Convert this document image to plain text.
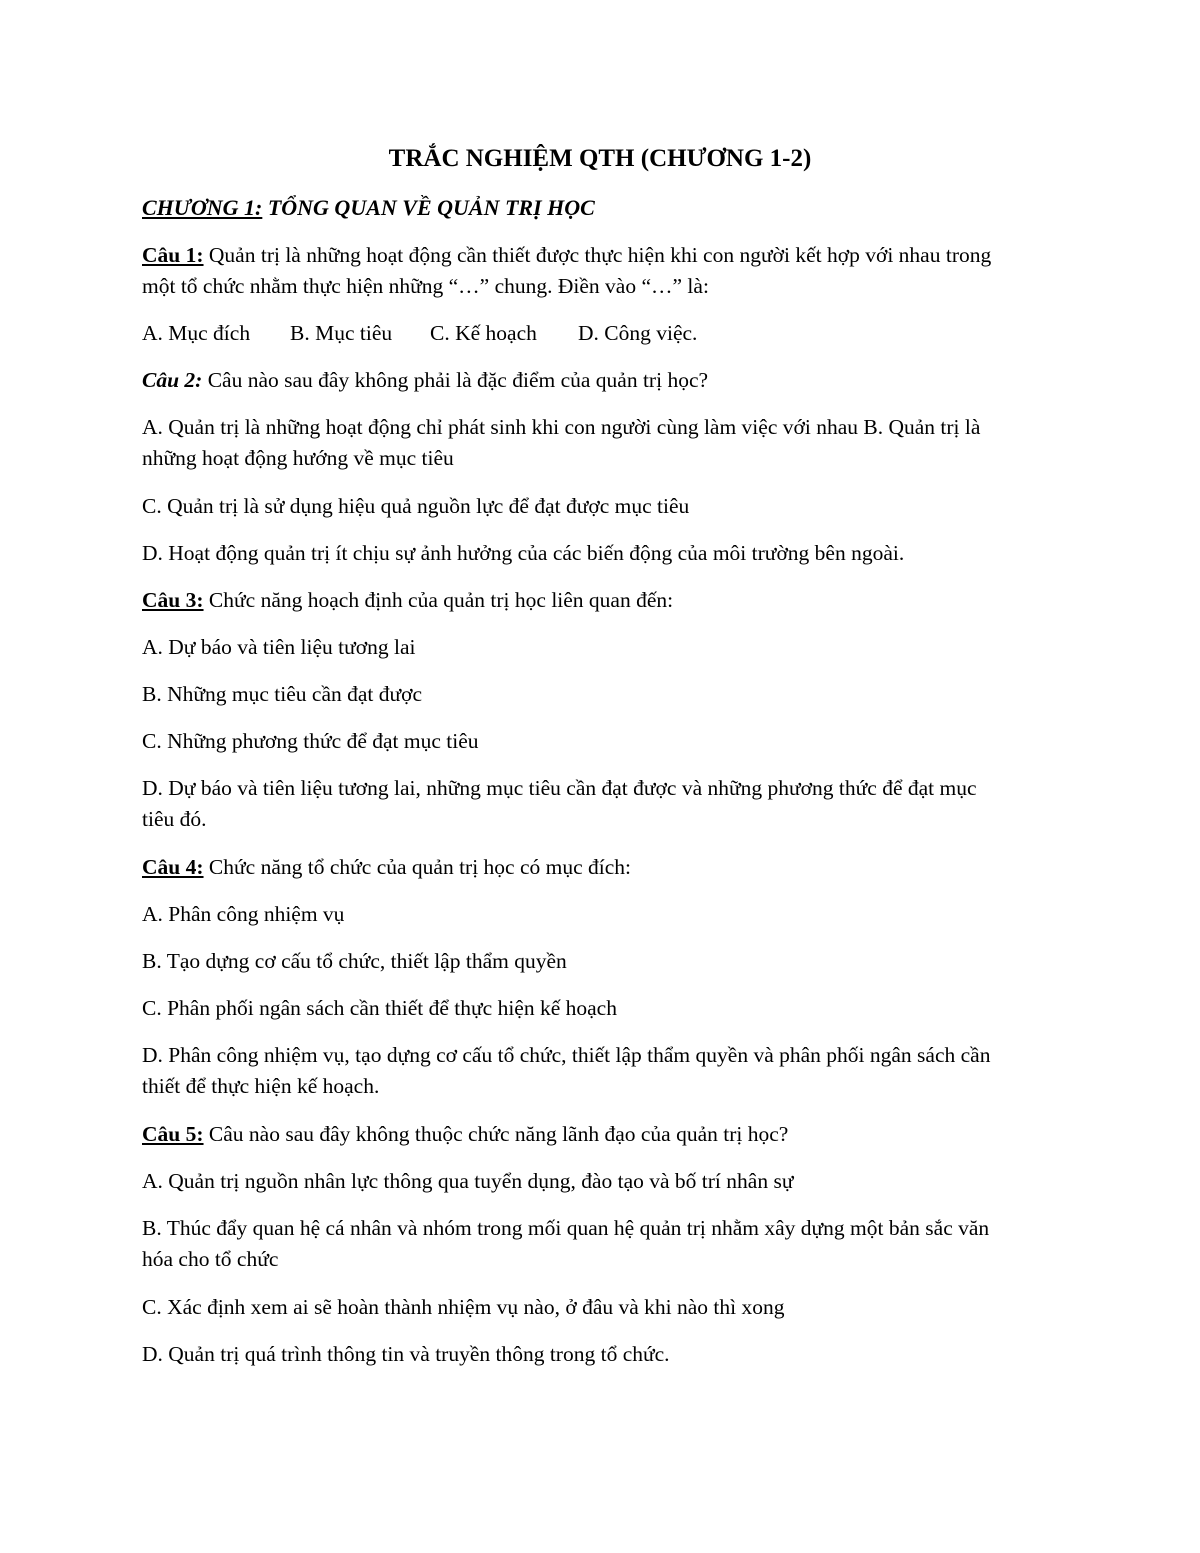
TRẮC NGHIỆM QTH (CHƯƠNG 1-2)
CHƯƠNG 1: TỔNG QUAN VỀ QUẢN TRỊ HỌC
Câu 1: Quản trị là những hoạt động cần thiết được thực hiện khi con người kết hợp với nhau trong
một tổ chức nhằm thực hiện những “…” chung. Điền vào “…” là:
A. Mục đích B. Mục tiêu C. Kế hoạch D. Công việc.
Câu 2: Câu nào sau đây không phải là đặc điểm của quản trị học?
A. Quản trị là những hoạt động chỉ phát sinh khi con người cùng làm việc với nhau B. Quản trị là
những hoạt động hướng về mục tiêu
C. Quản trị là sử dụng hiệu quả nguồn lực để đạt được mục tiêu
D. Hoạt động quản trị ít chịu sự ảnh hưởng của các biến động của môi trường bên ngoài.
Câu 3: Chức năng hoạch định của quản trị học liên quan đến:
A. Dự báo và tiên liệu tương lai
B. Những mục tiêu cần đạt được
C. Những phương thức để đạt mục tiêu
D. Dự báo và tiên liệu tương lai, những mục tiêu cần đạt được và những phương thức để đạt mục
tiêu đó.
Câu 4: Chức năng tổ chức của quản trị học có mục đích:
A. Phân công nhiệm vụ
B. Tạo dựng cơ cấu tổ chức, thiết lập thẩm quyền
C. Phân phối ngân sách cần thiết để thực hiện kế hoạch
D. Phân công nhiệm vụ, tạo dựng cơ cấu tổ chức, thiết lập thẩm quyền và phân phối ngân sách cần
thiết để thực hiện kế hoạch.
Câu 5: Câu nào sau đây không thuộc chức năng lãnh đạo của quản trị học?
A. Quản trị nguồn nhân lực thông qua tuyển dụng, đào tạo và bố trí nhân sự
B. Thúc đẩy quan hệ cá nhân và nhóm trong mối quan hệ quản trị nhằm xây dựng một bản sắc văn
hóa cho tổ chức
C. Xác định xem ai sẽ hoàn thành nhiệm vụ nào, ở đâu và khi nào thì xong
D. Quản trị quá trình thông tin và truyền thông trong tổ chức.
